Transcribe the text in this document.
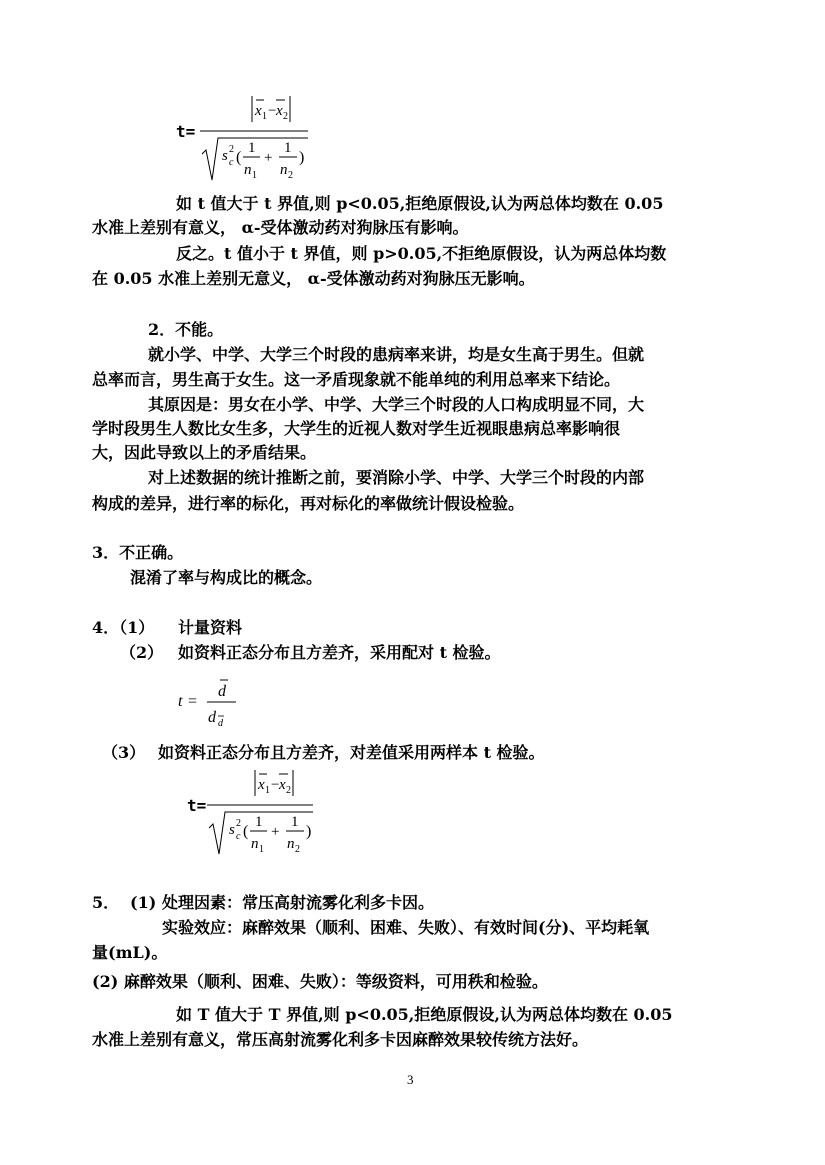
t=
x 1 − x 2
s 2
c (
1
n 1
+
1
n 2
)
如 t 值大于 t 界值,则 p<0.05,拒绝原假设,认为两总体均数在 0.05
水准上差别有意义， α-受体激动药对狗脉压有影响。
反之。t 值小于 t 界值，则 p>0.05,不拒绝原假设，认为两总体均数
在 0.05 水准上差别无意义， α-受体激动药对狗脉压无影响。
2．不能。
就小学、中学、大学三个时段的患病率来讲，均是女生高于男生。但就
总率而言，男生高于女生。这一矛盾现象就不能单纯的利用总率来下结论。
其原因是：男女在小学、中学、大学三个时段的人口构成明显不同，大
学时段男生人数比女生多，大学生的近视人数对学生近视眼患病总率影响很
大，因此导致以上的矛盾结果。
对上述数据的统计推断之前，要消除小学、中学、大学三个时段的内部
构成的差异，进行率的标化，再对标化的率做统计假设检验。
3．不正确。
混淆了率与构成比的概念。
4．（1） 计量资料
（2） 如资料正态分布且方差齐，采用配对 t 检验。
t =
d
d d
（3） 如资料正态分布且方差齐，对差值采用两样本 t 检验。
t=
x 1 − x 2
s 2
c (
1
n 1
+
1
n 2
)
5． (1) 处理因素：常压高射流雾化利多卡因。
实验效应：麻醉效果（顺利、困难、失败）、有效时间(分)、平均耗氧
量(mL)。
(2) 麻醉效果（顺利、困难、失败）：等级资料，可用秩和检验。
如 T 值大于 T 界值,则 p<0.05,拒绝原假设,认为两总体均数在 0.05
水准上差别有意义，常压高射流雾化利多卡因麻醉效果较传统方法好。
3
